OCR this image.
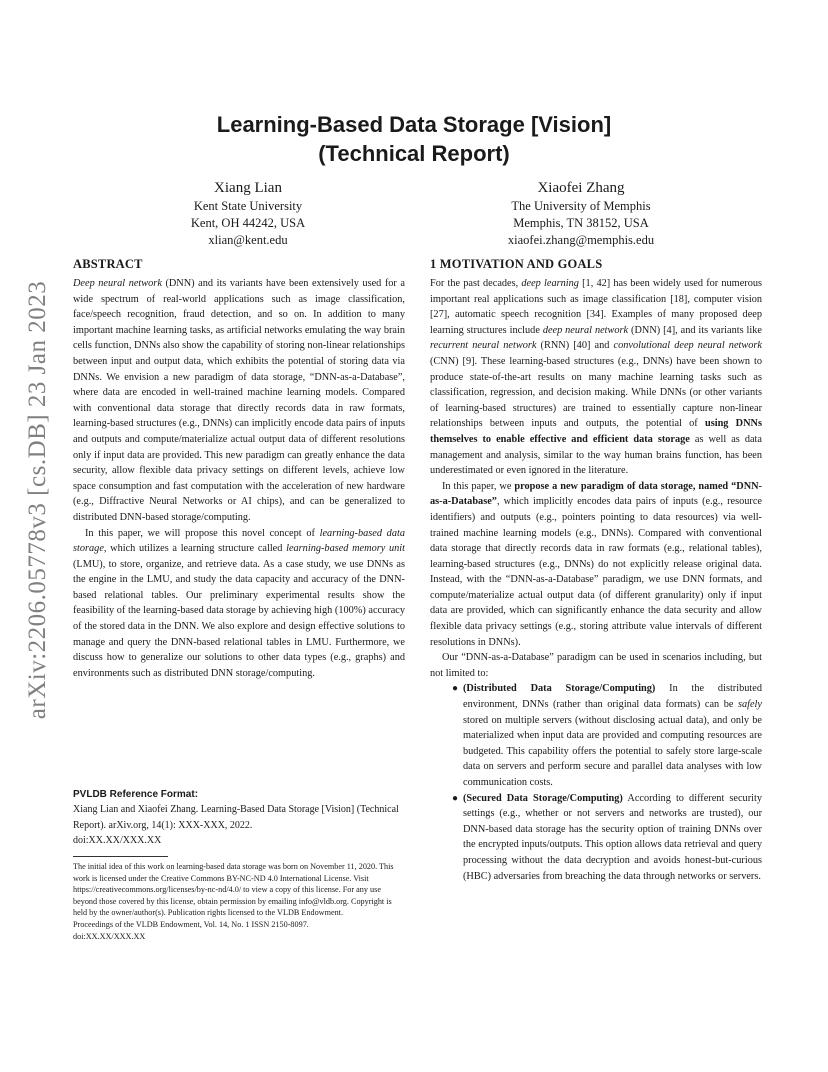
arXiv:2206.05778v3 [cs.DB] 23 Jan 2023
Learning-Based Data Storage [Vision]
(Technical Report)
Xiang Lian
Kent State University
Kent, OH 44242, USA
xlian@kent.edu
Xiaofei Zhang
The University of Memphis
Memphis, TN 38152, USA
xiaofei.zhang@memphis.edu
ABSTRACT

Deep neural network (DNN) and its variants have been extensively used for a wide spectrum of real-world applications such as image classification, face/speech recognition, fraud detection, and so on. In addition to many important machine learning tasks, as artificial networks emulating the way brain cells function, DNNs also show the capability of storing non-linear relationships between input and output data, which exhibits the potential of storing data via DNNs. We envision a new paradigm of data storage, “DNN-as-a-Database”, where data are encoded in well-trained machine learning models. Compared with conventional data storage that directly records data in raw formats, learning-based structures (e.g., DNNs) can implicitly encode data pairs of inputs and outputs and compute/materialize actual output data of different resolutions only if input data are provided. This new paradigm can greatly enhance the data security, allow flexible data privacy settings on different levels, achieve low space consumption and fast computation with the acceleration of new hardware (e.g., Diffractive Neural Networks or AI chips), and can be generalized to distributed DNN-based storage/computing.

In this paper, we will propose this novel concept of learning-based data storage, which utilizes a learning structure called learning-based memory unit (LMU), to store, organize, and retrieve data. As a case study, we use DNNs as the engine in the LMU, and study the data capacity and accuracy of the DNN-based relational tables. Our preliminary experimental results show the feasibility of the learning-based data storage by achieving high (100%) accuracy of the stored data in the DNN. We also explore and design effective solutions to manage and query the DNN-based relational tables in LMU. Furthermore, we discuss how to generalize our solutions to other data types (e.g., graphs) and environments such as distributed DNN storage/computing.

PVLDB Reference Format:
Xiang Lian and Xiaofei Zhang. Learning-Based Data Storage [Vision] (Technical Report). arXiv.org, 14(1): XXX-XXX, 2022.
doi:XX.XX/XXX.XX
The initial idea of this work on learning-based data storage was born on November 11, 2020. This work is licensed under the Creative Commons BY-NC-ND 4.0 International License. Visit https://creativecommons.org/licenses/by-nc-nd/4.0/ to view a copy of this license. For any use beyond those covered by this license, obtain permission by emailing info@vldb.org. Copyright is held by the owner/author(s). Publication rights licensed to the VLDB Endowment.
Proceedings of the VLDB Endowment, Vol. 14, No. 1 ISSN 2150-8097.
doi:XX.XX/XXX.XX
1 MOTIVATION AND GOALS

For the past decades, deep learning [1, 42] has been widely used for numerous important real applications such as image classification [18], computer vision [27], automatic speech recognition [34]. Examples of many proposed deep learning structures include deep neural network (DNN) [4], and its variants like recurrent neural network (RNN) [40] and convolutional deep neural network (CNN) [9]. These learning-based structures (e.g., DNNs) have been shown to produce state-of-the-art results on many machine learning tasks such as classification, regression, and decision making. While DNNs (or other variants of learning-based structures) are trained to essentially capture non-linear relationships between inputs and outputs, the potential of using DNNs themselves to enable effective and efficient data storage as well as data management and analysis, similar to the way human brains function, has been underestimated or even ignored in the literature.

In this paper, we propose a new paradigm of data storage, named “DNN-as-a-Database”, which implicitly encodes data pairs of inputs (e.g., resource identifiers) and outputs (e.g., pointers pointing to data resources) via well-trained machine learning models (e.g., DNNs). Compared with conventional data storage that directly records data in raw formats (e.g., relational tables), learning-based structures (e.g., DNNs) do not explicitly release original data. Instead, with the “DNN-as-a-Database” paradigm, we use DNN formats, and compute/materialize actual output data (of different granularity) only if input data are provided, which can significantly enhance the data security and allow flexible data privacy settings (e.g., storing attribute value intervals of different resolutions in DNNs).

Our “DNN-as-a-Database” paradigm can be used in scenarios including, but not limited to:

● (Distributed Data Storage/Computing) In the distributed environment, DNNs (rather than original data formats) can be safely stored on multiple servers (without disclosing actual data), and only be materialized when input data are provided and computing resources are budgeted. This capability offers the potential to safely store large-scale data on servers and perform secure and parallel data analyses with low communication costs.
● (Secured Data Storage/Computing) According to different security settings (e.g., whether or not servers and networks are trusted), our DNN-based data storage has the security option of training DNNs over the encrypted inputs/outputs. This option allows data retrieval and query processing without the data decryption and avoids honest-but-curious (HBC) adversaries from breaching the data through networks or servers.
